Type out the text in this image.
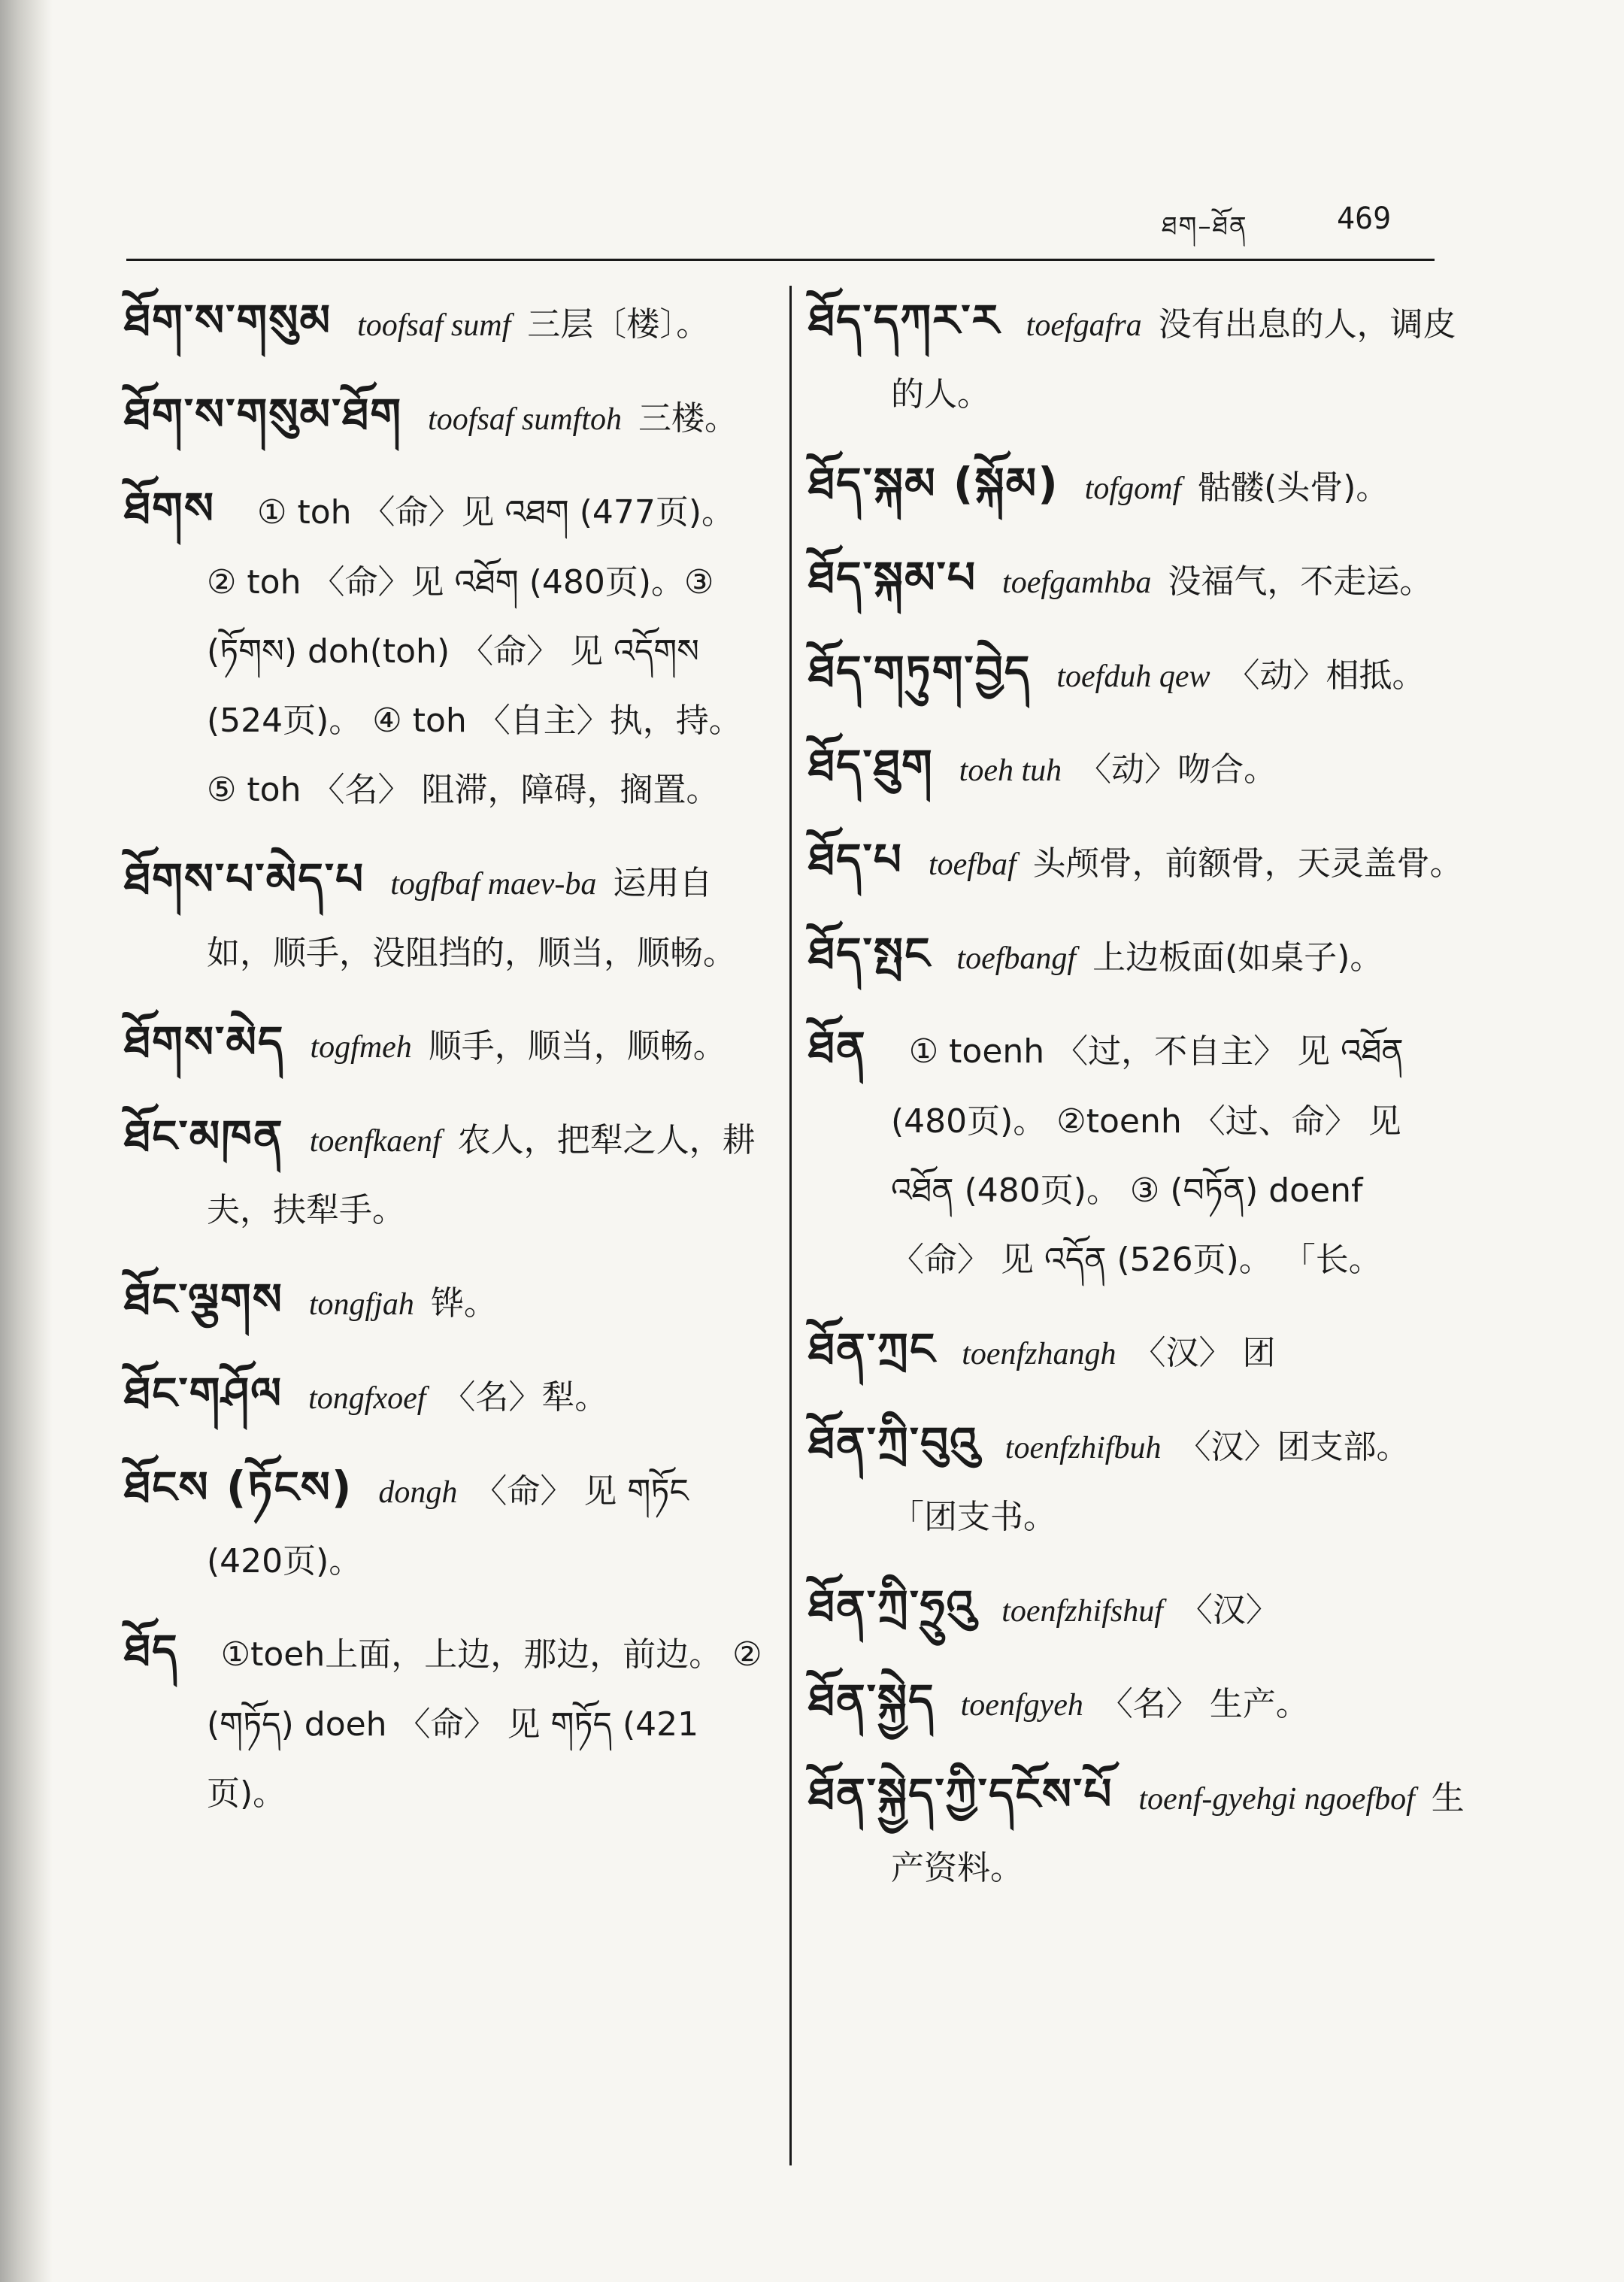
ཐག–ཐོན	469
ཐོག་ས་གསུམ toofsaf sumf 三层〔楼〕。
ཐོག་ས་གསུམ་ཐོག toofsaf sumftoh 三楼。
ཐོགས ① toh 〈命〉见 འཐག (477页)。 ② toh 〈命〉见 འཐོག (480页)。③ (ཏོགས) doh(toh) 〈命〉 见 འདོགས (524页)。 ④ toh 〈自主〉执，持。 ⑤ toh 〈名〉 阻滞，障碍，搁置。
ཐོགས་པ་མེད་པ togfbaf maev-ba 运用自如，顺手，没阻挡的，顺当，顺畅。
ཐོགས་མེད togfmeh 顺手，顺当，顺畅。
ཐོང་མཁན toenfkaenf 农人，把犁之人，耕夫，扶犁手。
ཐོང་ལྕགས tongfjah 铧。
ཐོང་གཤོལ tongfxoef 〈名〉犁。
ཐོངས (ཏོངས) dongh 〈命〉 见 གཏོང (420页)。
ཐོད ①toeh上面，上边，那边，前边。 ② (གཏོད) doeh 〈命〉 见 གཏོད (421页)。
ཐོད་དཀར་ར toefgafra 没有出息的人，调皮的人。
ཐོད་སྐམ (སྐོམ) tofgomf 骷髅(头骨)。
ཐོད་སྐམ་པ toefgamhba 没福气，不走运。
ཐོད་གཏུག་བྱེད toefduh qew 〈动〉相抵。
ཐོད་ཐུག toeh tuh 〈动〉吻合。
ཐོད་པ toefbaf 头颅骨，前额骨，天灵盖骨。
ཐོད་སྤང toefbangf 上边板面(如桌子)。
ཐོན ① toenh 〈过，不自主〉 见 འཐོན (480页)。 ②toenh 〈过、命〉 见 འཐོན (480页)。 ③ (བཏོན) doenf 〈命〉 见 འདོན (526页)。 「长。
ཐོན་ཀྲང toenfzhangh 〈汉〉 团
ཐོན་ཀྲི་བུའུ toenfzhifbuh 〈汉〉团支部。 「团支书。
ཐོན་ཀྲི་ཧྲུའུ toenfzhifshuf 〈汉〉
ཐོན་སྐྱེད toenfgyeh 〈名〉 生产。
ཐོན་སྐྱེད་ཀྱི་དངོས་པོ toenf-gyehgi ngoefbof 生产资料。
